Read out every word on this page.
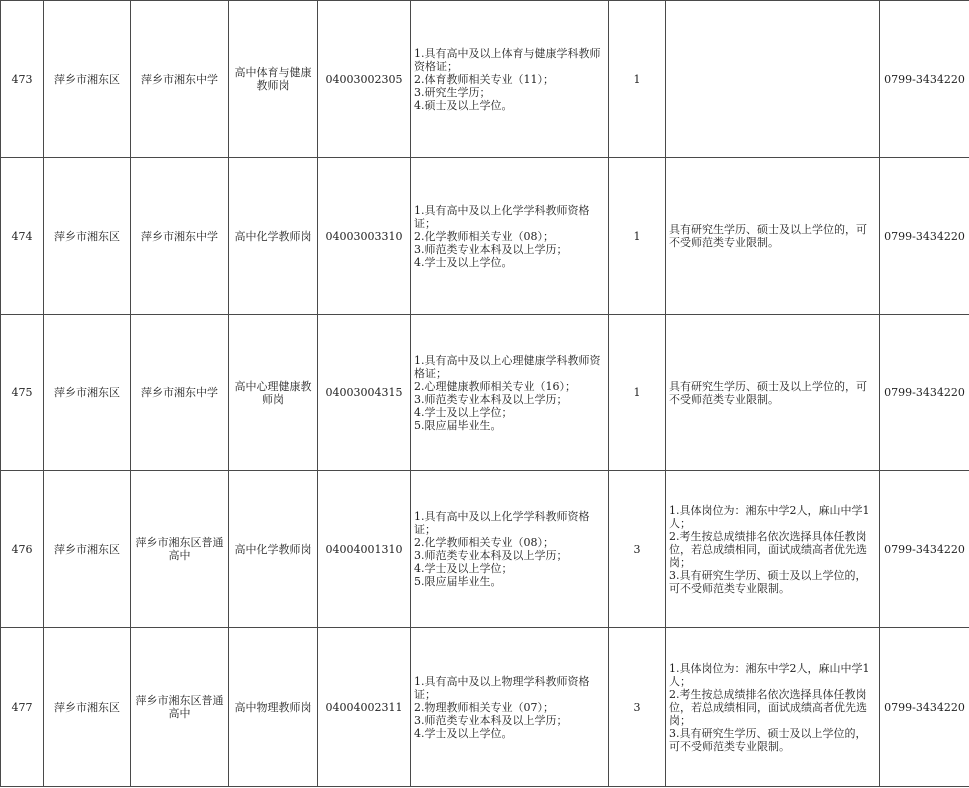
473	萍乡市湘东区	萍乡市湘东中学	高中体育与健康教师岗	04003002305	1.具有高中及以上体育与健康学科教师资格证；
2.体育教师相关专业（11）；
3.研究生学历；
4.硕士及以上学位。	1		0799-3434220

474	萍乡市湘东区	萍乡市湘东中学	高中化学教师岗	04003003310	1.具有高中及以上化学学科教师资格证；
2.化学教师相关专业（08）；
3.师范类专业本科及以上学历；
4.学士及以上学位。	1	具有研究生学历、硕士及以上学位的，可不受师范类专业限制。	0799-3434220

475	萍乡市湘东区	萍乡市湘东中学	高中心理健康教师岗	04003004315	1.具有高中及以上心理健康学科教师资格证；
2.心理健康教师相关专业（16）；
3.师范类专业本科及以上学历；
4.学士及以上学位；
5.限应届毕业生。	1	具有研究生学历、硕士及以上学位的，可不受师范类专业限制。	0799-3434220

476	萍乡市湘东区	萍乡市湘东区普通高中	高中化学教师岗	04004001310	1.具有高中及以上化学学科教师资格证；
2.化学教师相关专业（08）；
3.师范类专业本科及以上学历；
4.学士及以上学位；
5.限应届毕业生。	3	1.具体岗位为：湘东中学2人，麻山中学1人；
2.考生按总成绩排名依次选择具体任教岗位，若总成绩相同，面试成绩高者优先选岗；
3.具有研究生学历、硕士及以上学位的，可不受师范类专业限制。	0799-3434220

477	萍乡市湘东区	萍乡市湘东区普通高中	高中物理教师岗	04004002311	1.具有高中及以上物理学科教师资格证；
2.物理教师相关专业（07）；
3.师范类专业本科及以上学历；
4.学士及以上学位。	3	1.具体岗位为：湘东中学2人，麻山中学1人；
2.考生按总成绩排名依次选择具体任教岗位，若总成绩相同，面试成绩高者优先选岗；
3.具有研究生学历、硕士及以上学位的，可不受师范类专业限制。	0799-3434220
